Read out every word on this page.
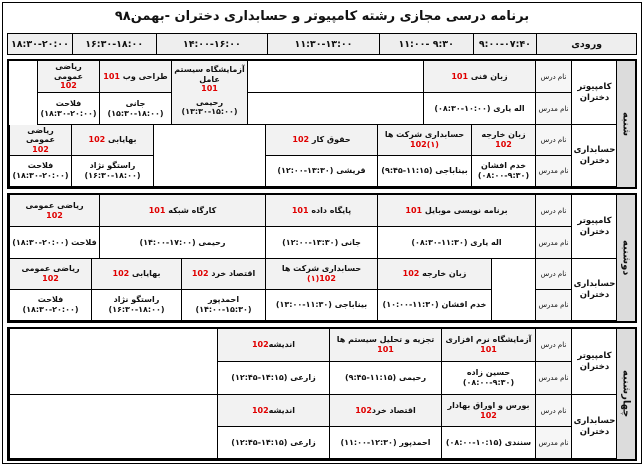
برنامه درسی مجازی رشته کامپیوتر و حسابداری دختران -بهمن۹۸
ورودی
۹:۰۰-۰۷:۴۰
۹:۳۰ -۱۱:۰۰
۱۱:۳۰-۱۳:۰۰
۱۴:۰۰-۱۶:۰۰
۱۶:۳۰-۱۸:۰۰
۱۸:۳۰-۲۰:۰۰
شنبه
کامپیوتر دختران
حسابداری دختران
نام درس
نام مدرس
نام درس
نام مدرس
زبان فنی 101
اله یاری (۱۰:۰۰-۰۸:۳۰)
آزمایشگاه سیستم عامل
101
رحیمی (۱۵:۰۰-۱۳:۳۰)
طراحی وب 101
جانی (۱۸:۰۰-۱۵:۳۰)
ریاضی عمومی
102
فلاحت (۲۰:۰۰-۱۸:۳۰)
زبان خارجه 102
خدم افشان (۹:۳۰-۰۸:۰۰)
حسابداری شرکت ها (۱)102
بیناباجی (۱۱:۱۵-۹:۴۵)
حقوق کار 102
قریشی (۱۳:۳۰-۱۲:۰۰)
بهایابی 102
راستگو نژاد (۱۸:۰۰-۱۶:۳۰)
ریاضی عمومی
102
فلاحت (۲۰:۰۰-۱۸:۳۰)
دوشنبه
کامپیوتر دختران
حسابداری دختران
نام درس
نام مدرس
نام درس
نام مدرس
برنامه نویسی موبایل 101
اله یاری (۱۱:۳۰-۰۸:۳۰)
پایگاه داده 101
جانی (۱۳:۳۰-۱۲:۰۰)
کارگاه شبکه 101
رحیمی (۱۷:۰۰-۱۴:۰۰)
ریاضی عمومی
102
فلاحت (۲۰:۰۰-۱۸:۳۰)
زبان خارجه 102
خدم افشان (۱۱:۳۰-۱۰:۰۰)
حسابداری شرکت ها
(۱)102
بیناباجی (۱۱:۳۰-۱۳:۰۰)
اقتصاد خرد 102
احمدپور (۱۵:۳۰-۱۴:۰۰)
بهایابی 102
راستگو نژاد (۱۸:۰۰-۱۶:۳۰)
ریاضی عمومی
102
فلاحت (۲۰:۰۰-۱۸:۳۰)
چهارشنبه
کامپیوتر دختران
حسابداری دختران
نام درس
نام مدرس
نام درس
نام مدرس
آزمایشگاه نرم افزاری
101
حسین زاده (۹:۳۰-۰۸:۰۰)
تجزیه و تحلیل سیستم ها
101
رحیمی (۱۱:۱۵-۹:۴۵)
اندیشه102
زارعی (۱۴:۱۵-۱۲:۴۵)
بورس و اوراق بهادار
102
سنندی (۱۰:۱۵-۰۸:۰۰)
اقتصاد خرد102
احمدپور (۱۲:۳۰-۱۱:۰۰)
اندیشه102
زارعی (۱۴:۱۵-۱۲:۴۵)
